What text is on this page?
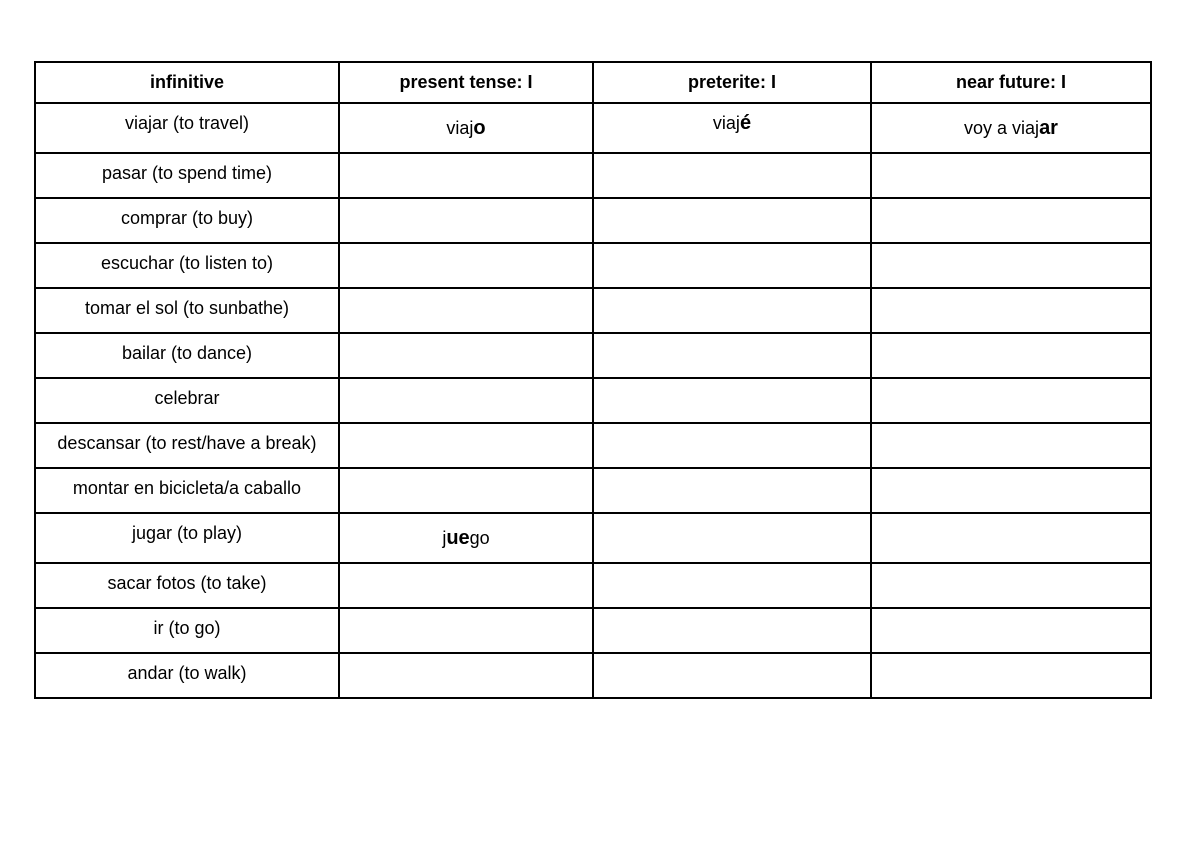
infinitive	present tense: I	preterite: I	near future: I
viajar (to travel)	viajo	viajé	voy a viajar
pasar (to spend time)			
comprar (to buy)			
escuchar (to listen to)			
tomar el sol (to sunbathe)			
bailar (to dance)			
celebrar			
descansar (to rest/have a break)			
montar en bicicleta/a caballo			
jugar (to play)	juego		
sacar fotos (to take)			
ir (to go)			
andar (to walk)			
